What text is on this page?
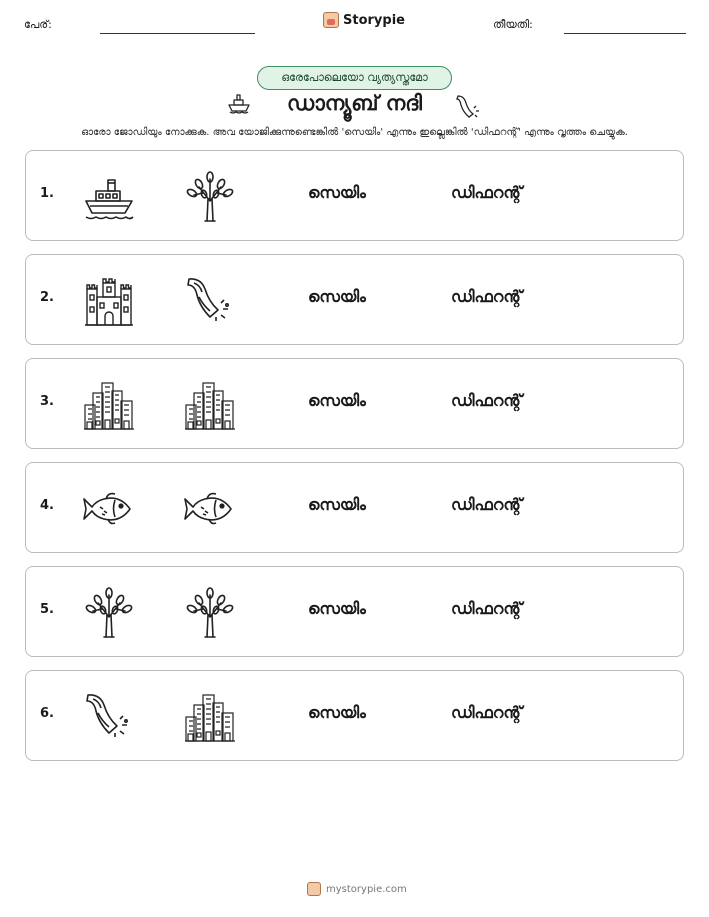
പേര്:	Storypie	തീയതി:
ഒരേപോലെയോ വ്യത്യസ്തമോ
ഡാന്യൂബ് നദി
ഓരോ ജോഡിയും നോക്കുക. അവ യോജിക്കുന്നുണ്ടെങ്കിൽ 'സെയിം' എന്നും ഇല്ലെങ്കിൽ 'ഡിഫറന്റ്' എന്നും വൃത്തം ചെയ്യുക.
1.	സെയിം	ഡിഫറന്റ്
2.	സെയിം	ഡിഫറന്റ്
3.	സെയിം	ഡിഫറന്റ്
4.	സെയിം	ഡിഫറന്റ്
5.	സെയിം	ഡിഫറന്റ്
6.	സെയിം	ഡിഫറന്റ്
mystorypie.com
